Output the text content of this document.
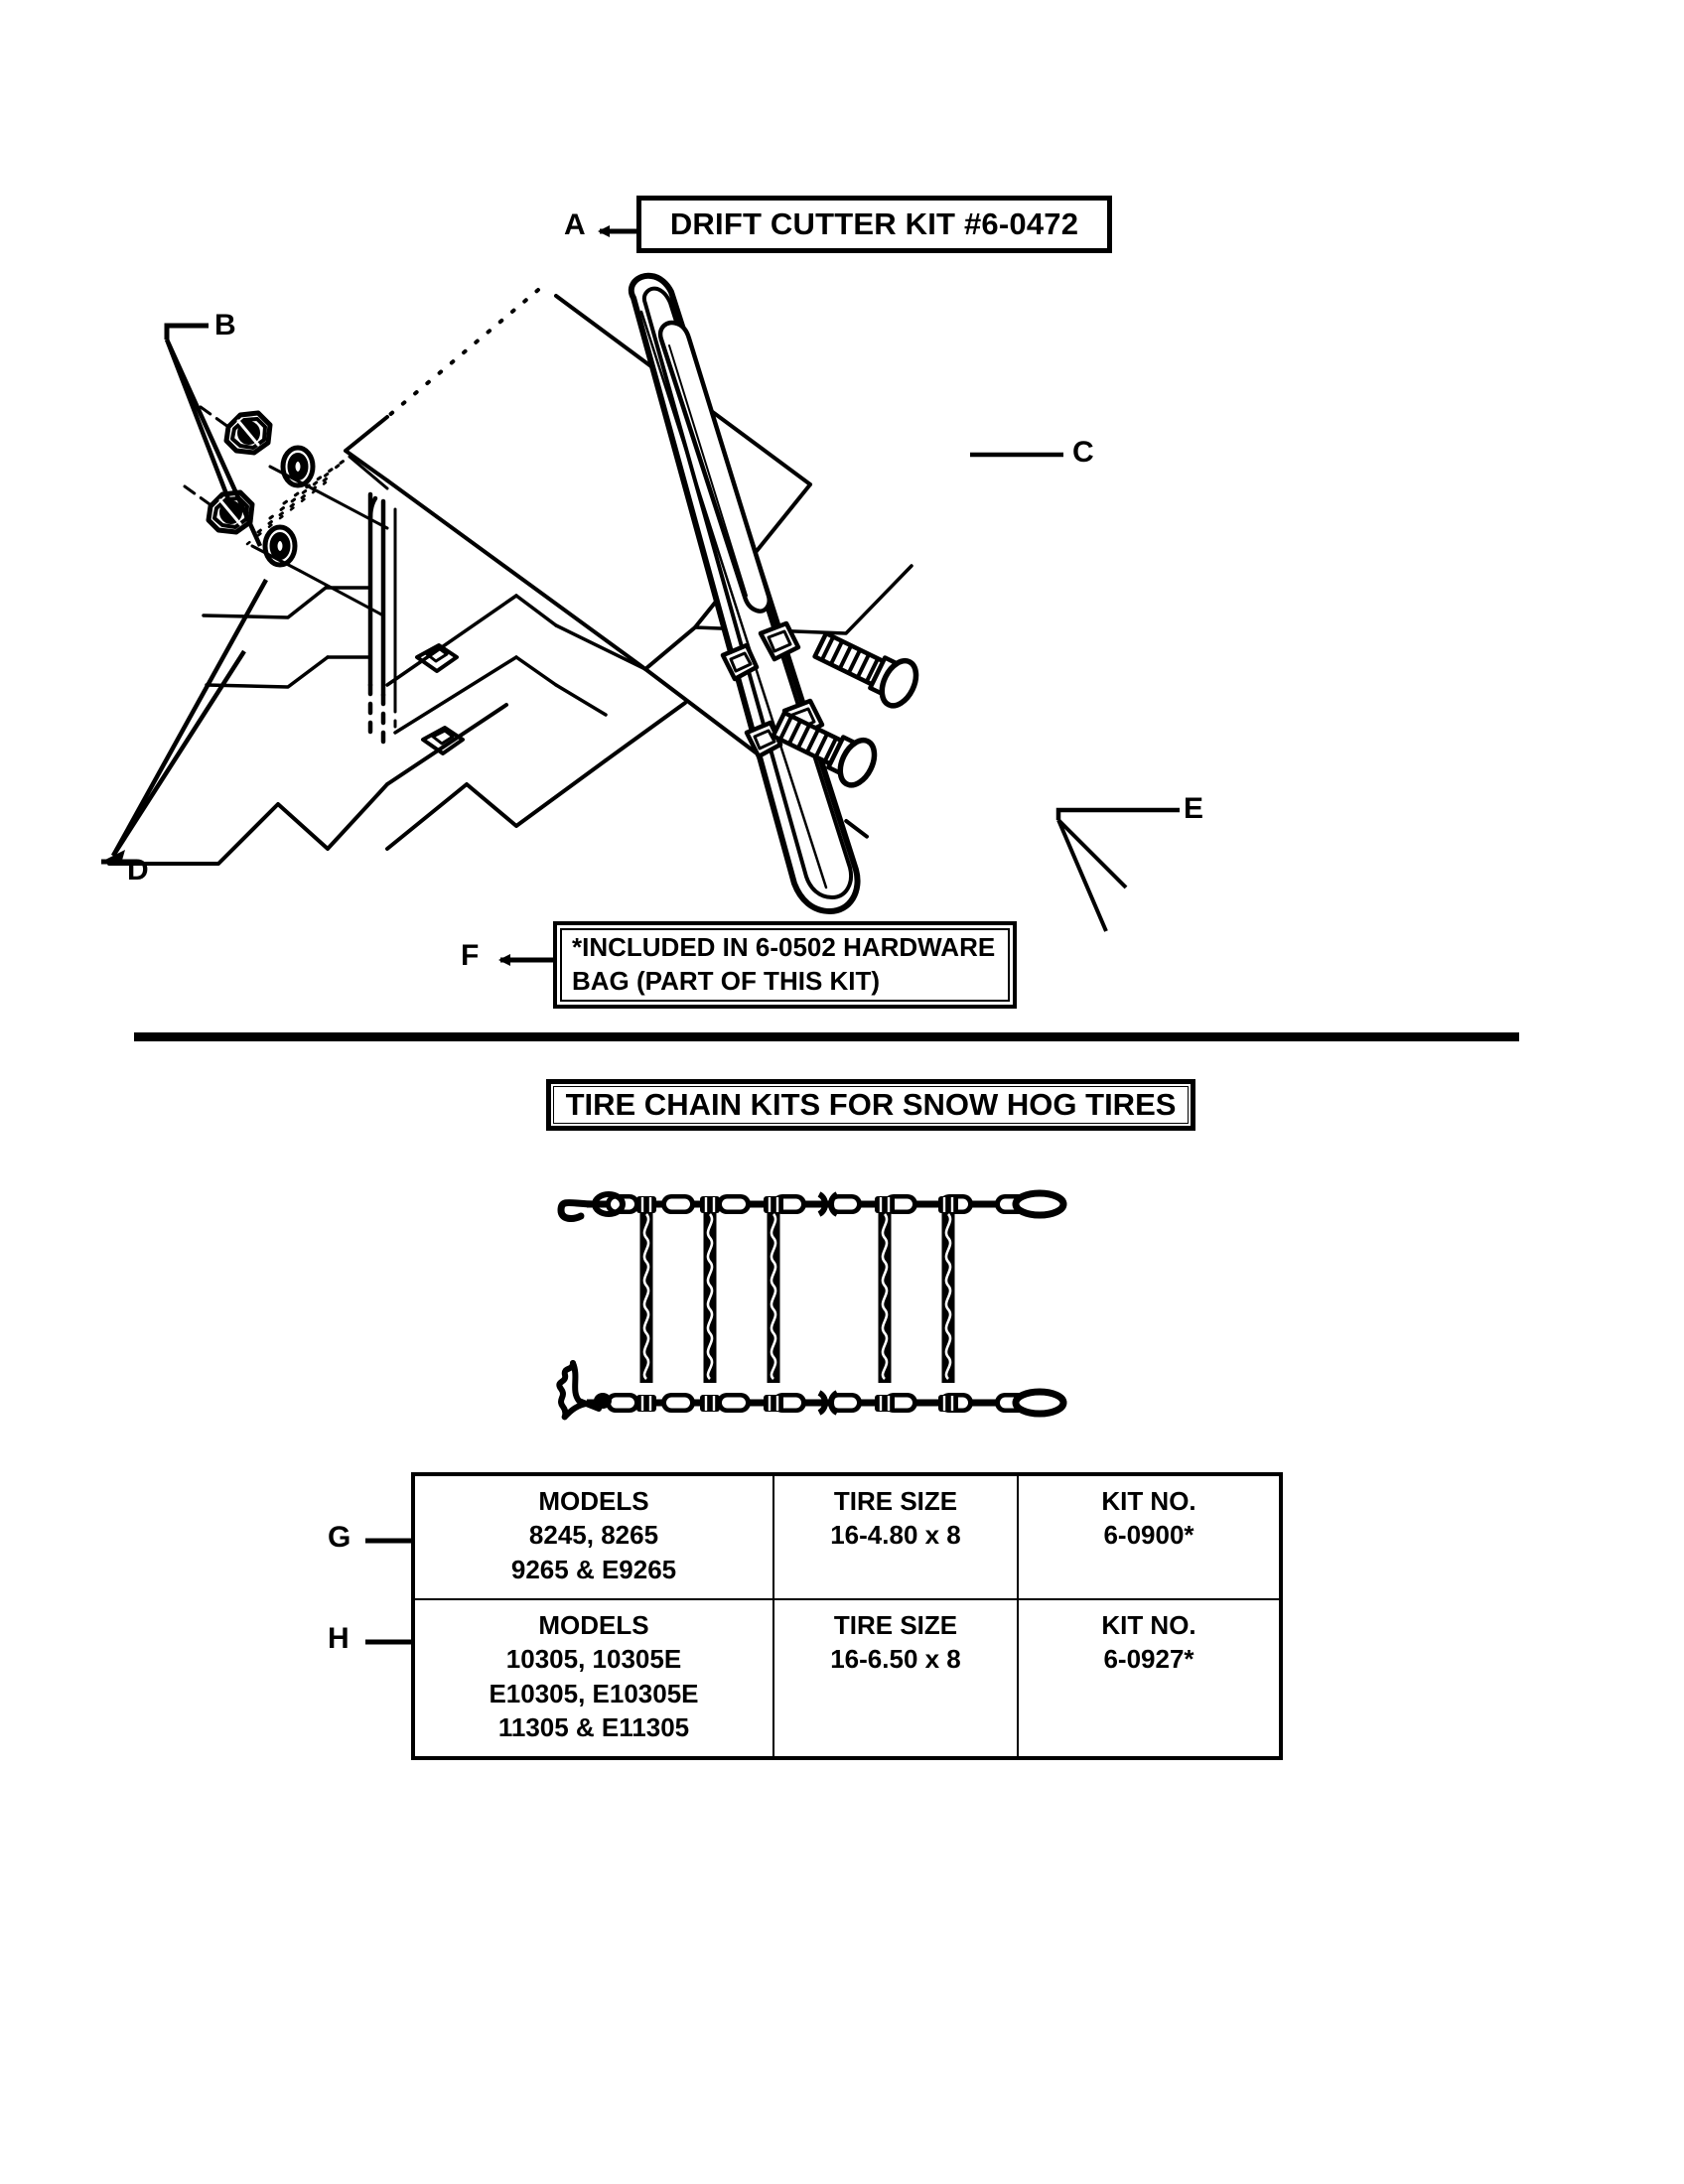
A	DRIFT CUTTER KIT #6-0472
B
D
C
E
F	*INCLUDED IN 6-0502 HARDWARE
BAG (PART OF THIS KIT)
TIRE CHAIN KITS FOR SNOW HOG TIRES
G
H
MODELS
8245, 8265
9265 & E9265

TIRE SIZE
16-4.80 x 8

KIT NO.
6-0900*

MODELS
10305, 10305E
E10305, E10305E
11305 & E11305

TIRE SIZE
16-6.50 x 8

KIT NO.
6-0927*
